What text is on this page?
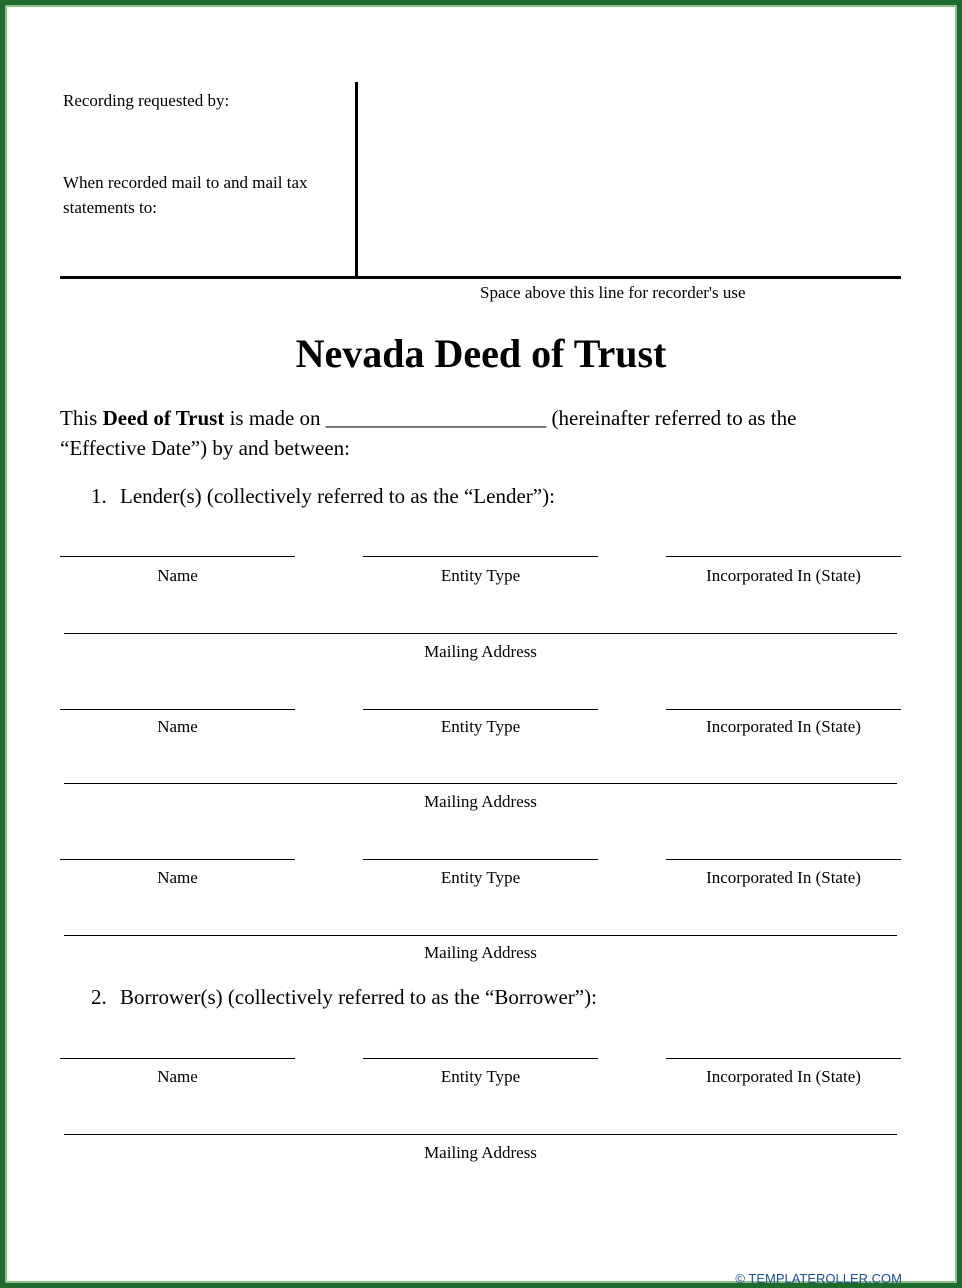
Recording requested by:
When recorded mail to and mail tax
statements to:
Space above this line for recorder's use
Nevada Deed of Trust
This Deed of Trust is made on _____________________ (hereinafter referred to as the
“Effective Date”) by and between:
1. Lender(s) (collectively referred to as the “Lender”):
Name	Entity Type	Incorporated In (State)
Mailing Address
Name	Entity Type	Incorporated In (State)
Mailing Address
Name	Entity Type	Incorporated In (State)
Mailing Address
2. Borrower(s) (collectively referred to as the “Borrower”):
Name	Entity Type	Incorporated In (State)
Mailing Address
© TEMPLATEROLLER.COM
